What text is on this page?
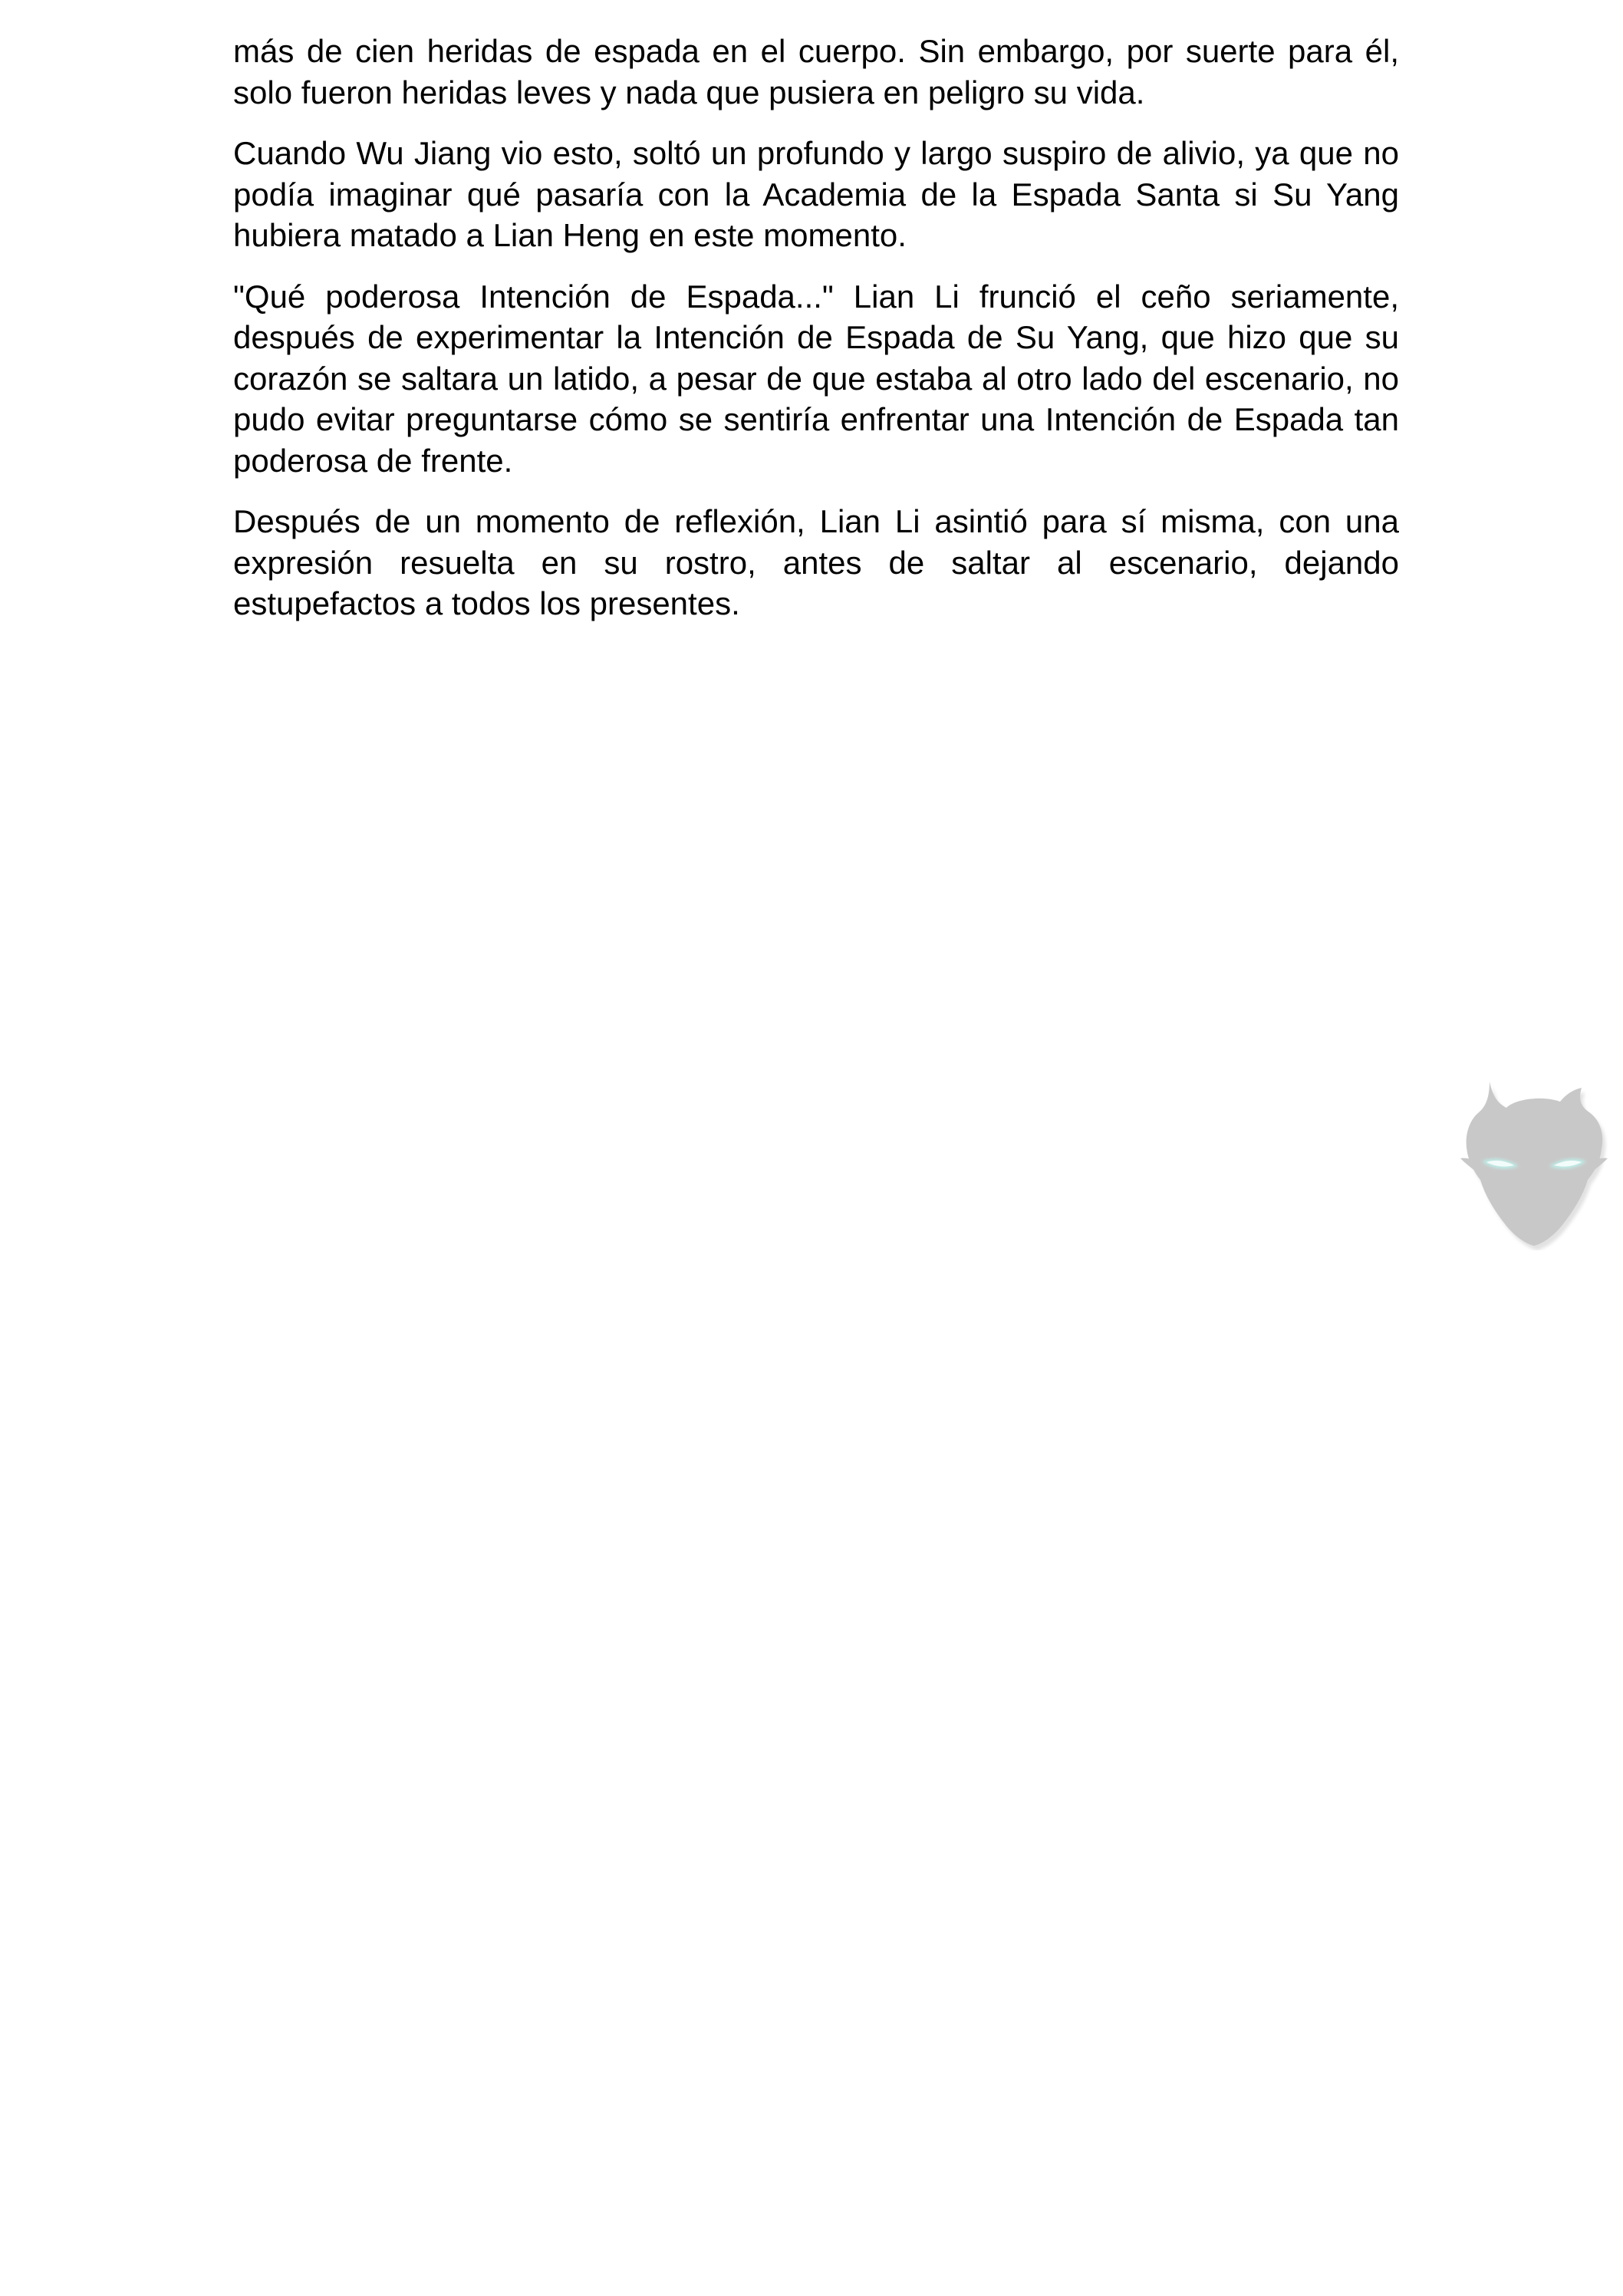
más de cien heridas de espada en el cuerpo. Sin embargo, por suerte para él, solo fueron heridas leves y nada que pusiera en peligro su vida.

Cuando Wu Jiang vio esto, soltó un profundo y largo suspiro de alivio, ya que no podía imaginar qué pasaría con la Academia de la Espada Santa si Su Yang hubiera matado a Lian Heng en este momento.

"Qué poderosa Intención de Espada..." Lian Li frunció el ceño seriamente, después de experimentar la Intención de Espada de Su Yang, que hizo que su corazón se saltara un latido, a pesar de que estaba al otro lado del escenario, no pudo evitar preguntarse cómo se sentiría enfrentar una Intención de Espada tan poderosa de frente.

Después de un momento de reflexión, Lian Li asintió para sí misma, con una expresión resuelta en su rostro, antes de saltar al escenario, dejando estupefactos a todos los presentes.
